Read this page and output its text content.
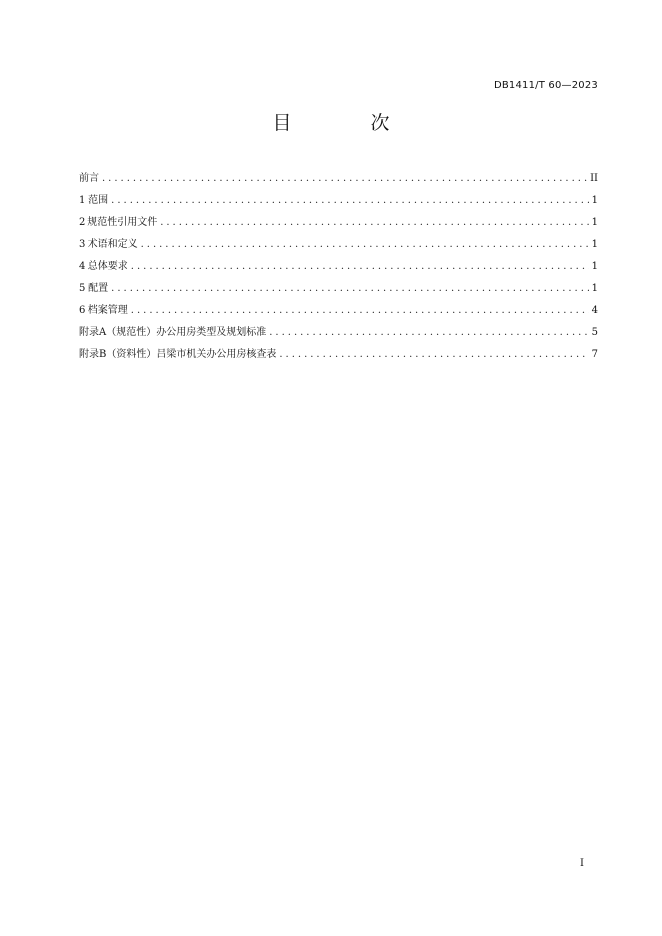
DB1411/T 60—2023
目　次
前言 .....	II
1 范围 .....	1
2 规范性引用文件 .....	1
3 术语和定义 .....	1
4 总体要求 .....	1
5 配置 .....	1
6 档案管理 .....	4
附录A（规范性） 办公用房类型及规划标准 .....	5
附录B（资料性） 吕梁市机关办公用房核查表 .....	7
I
